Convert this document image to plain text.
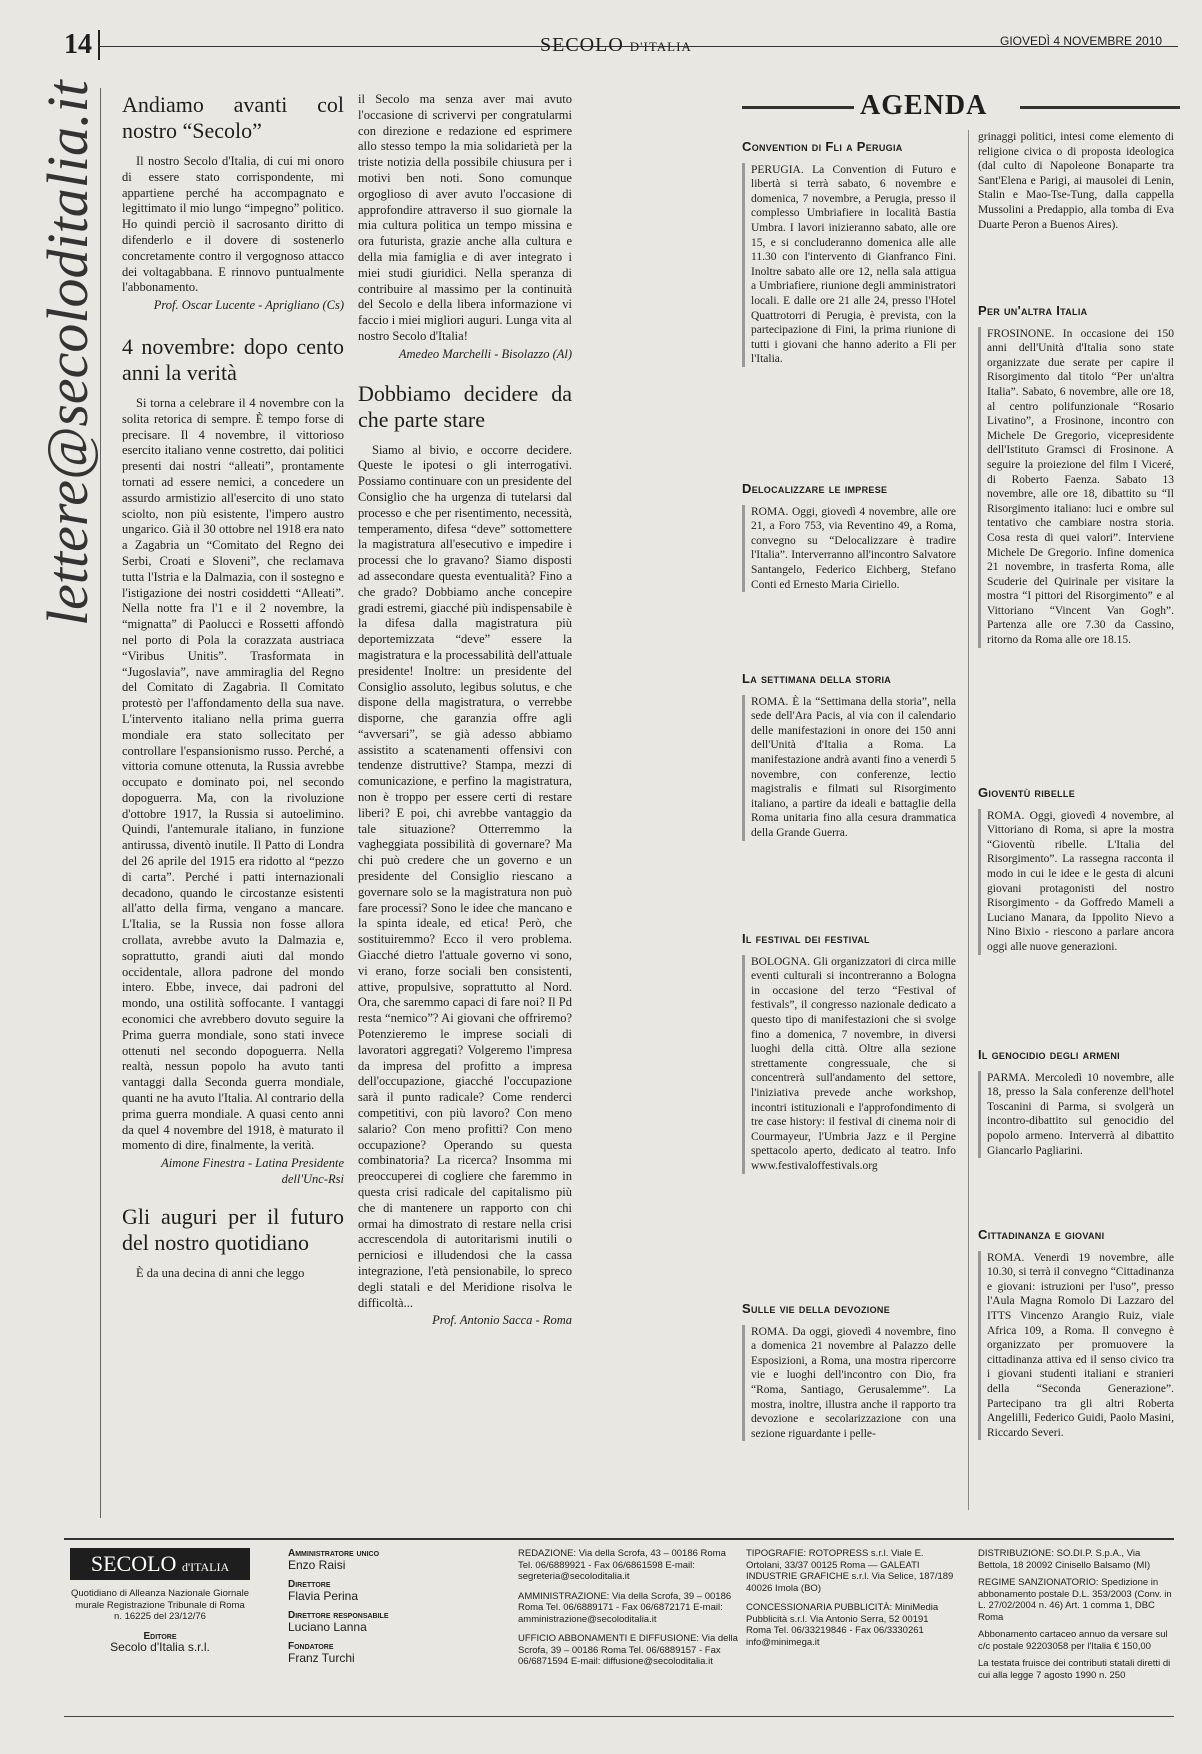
14	SECOLO D'ITALIA	GIOVEDÌ 4 NOVEMBRE 2010
lettere@secoloditalia.it Andiamo avanti col nostro “Secolo”

Il nostro Secolo d'Italia, di cui mi onoro di essere stato corrispondente, mi appartiene perché ha accompagnato e legittimato il mio lungo “impegno” politico. Ho quindi perciò il sacrosanto diritto di difenderlo e il dovere di sostenerlo concretamente contro il vergognoso attacco dei voltagabbana. E rinnovo puntualmente l'abbonamento.

Prof. Oscar Lucente - Aprigliano (Cs)
4 novembre: dopo cento anni la verità

Si torna a celebrare il 4 novembre con la solita retorica di sempre. È tempo forse di precisare. Il 4 novembre, il vittorioso esercito italiano venne costretto, dai politici presenti dai nostri “alleati”, prontamente tornati ad essere nemici, a concedere un assurdo armistizio all'esercito di uno stato sciolto, non più esistente, l'impero austro ungarico. Già il 30 ottobre nel 1918 era nato a Zagabria un “Comitato del Regno dei Serbi, Croati e Sloveni”, che reclamava tutta l'Istria e la Dalmazia, con il sostegno e l'istigazione dei nostri cosiddetti “Alleati”. Nella notte fra l'1 e il 2 novembre, la “mignatta” di Paolucci e Rossetti affondò nel porto di Pola la corazzata austriaca “Viribus Unitis”. Trasformata in “Jugoslavia”, nave ammiraglia del Regno del Comitato di Zagabria. Il Comitato protestò per l'affondamento della sua nave. L'intervento italiano nella prima guerra mondiale era stato sollecitato per controllare l'espansionismo russo. Perché, a vittoria comune ottenuta, la Russia avrebbe occupato e dominato poi, nel secondo dopoguerra. Ma, con la rivoluzione d'ottobre 1917, la Russia si autoelimino. Quindi, l'antemurale italiano, in funzione antirussa, diventò inutile. Il Patto di Londra del 26 aprile del 1915 era ridotto al “pezzo di carta”. Perché i patti internazionali decadono, quando le circostanze esistenti all'atto della firma, vengano a mancare. L'Italia, se la Russia non fosse allora crollata, avrebbe avuto la Dalmazia e, soprattutto, grandi aiuti dal mondo occidentale, allora padrone del mondo intero. Ebbe, invece, dai padroni del mondo, una ostilità soffocante. I vantaggi economici che avrebbero dovuto seguire la Prima guerra mondiale, sono stati invece ottenuti nel secondo dopoguerra. Nella realtà, nessun popolo ha avuto tanti vantaggi dalla Seconda guerra mondiale, quanti ne ha avuto l'Italia. Al contrario della prima guerra mondiale. A quasi cento anni da quel 4 novembre del 1918, è maturato il momento di dire, finalmente, la verità.

Aimone Finestra - Latina Presidente dell'Unc-Rsi
Gli auguri per il futuro del nostro quotidiano

È da una decina di anni che leggo

il Secolo ma senza aver mai avuto l'occasione di scrivervi per congratularmi con direzione e redazione ed esprimere allo stesso tempo la mia solidarietà per la triste notizia della possibile chiusura per i motivi ben noti. Sono comunque orgoglioso di aver avuto l'occasione di approfondire attraverso il suo giornale la mia cultura politica un tempo missina e ora futurista, grazie anche alla cultura e della mia famiglia e di aver integrato i miei studi giuridici. Nella speranza di contribuire al massimo per la continuità del Secolo e della libera informazione vi faccio i miei migliori auguri. Lunga vita al nostro Secolo d'Italia!

Amedeo Marchelli - Bisolazzo (Al)
Dobbiamo decidere da che parte stare

Siamo al bivio, e occorre decidere. Queste le ipotesi o gli interrogativi. Possiamo continuare con un presidente del Consiglio che ha urgenza di tutelarsi dal processo e che per risentimento, necessità, temperamento, difesa “deve” sottomettere la magistratura all'esecutivo e impedire i processi che lo gravano? Siamo disposti ad assecondare questa eventualità? Fino a che grado? Dobbiamo anche concepire gradi estremi, giacché più indispensabile è la difesa dalla magistratura più deportemizzata “deve” essere la magistratura e la processabilità dell'attuale presidente! Inoltre: un presidente del Consiglio assoluto, legibus solutus, e che dispone della magistratura, o verrebbe disporne, che garanzia offre agli “avversari”, se già adesso abbiamo assistito a scatenamenti offensivi con tendenze distruttive? Stampa, mezzi di comunicazione, e perfino la magistratura, non è troppo per essere certi di restare liberi? E poi, chi avrebbe vantaggio da tale situazione? Otterremmo la vagheggiata possibilità di governare? Ma chi può credere che un governo e un presidente del Consiglio riescano a governare solo se la magistratura non può fare processi? Sono le idee che mancano e la spinta ideale, ed etica! Però, che sostituiremmo? Ecco il vero problema. Giacché dietro l'attuale governo vi sono, vi erano, forze sociali ben consistenti, attive, propulsive, soprattutto al Nord. Ora, che saremmo capaci di fare noi? Il Pd resta “nemico”? Ai giovani che offriremo? Potenzieremo le imprese sociali di lavoratori aggregati? Volgeremo l'impresa da impresa del profitto a impresa dell'occupazione, giacché l'occupazione sarà il punto radicale? Come renderci competitivi, con più lavoro? Con meno salario? Con meno profitti? Con meno occupazione? Operando su questa combinatoria? La ricerca? Insomma mi preoccuperei di cogliere che faremmo in questa crisi radicale del capitalismo più che di mantenere un rapporto con chi ormai ha dimostrato di restare nella crisi accrescendola di autoritarismi inutili o perniciosi e illudendosi che la cassa integrazione, l'età pensionabile, lo spreco degli statali e del Meridione risolva le difficoltà...

Prof. Antonio Sacca - Roma
AGENDA
Convention di Fli a Perugia
PERUGIA. La Convention di Futuro e libertà si terrà sabato, 6 novembre e domenica, 7 novembre, a Perugia, presso il complesso Umbriafiere in località Bastia Umbra. I lavori inizieranno sabato, alle ore 15, e si concluderanno domenica alle alle 11.30 con l'intervento di Gianfranco Fini. Inoltre sabato alle ore 12, nella sala attigua a Umbriafiere, riunione degli amministratori locali. E dalle ore 21 alle 24, presso l'Hotel Quattrotorri di Perugia, è prevista, con la partecipazione di Fini, la prima riunione di tutti i giovani che hanno aderito a Fli per l'Italia.
Delocalizzare le imprese
ROMA. Oggi, giovedì 4 novembre, alle ore 21, a Foro 753, via Reventino 49, a Roma, convegno su “Delocalizzare è tradire l'Italia”. Interverranno all'incontro Salvatore Santangelo, Federico Eichberg, Stefano Conti ed Ernesto Maria Ciriello.
La settimana della storia
ROMA. È la “Settimana della storia”, nella sede dell'Ara Pacis, al via con il calendario delle manifestazioni in onore dei 150 anni dell'Unità d'Italia a Roma. La manifestazione andrà avanti fino a venerdì 5 novembre, con conferenze, lectio magistralis e filmati sul Risorgimento italiano, a partire da ideali e battaglie della Roma unitaria fino alla cesura drammatica della Grande Guerra.
Il festival dei festival
BOLOGNA. Gli organizzatori di circa mille eventi culturali si incontreranno a Bologna in occasione del terzo “Festival of festivals”, il congresso nazionale dedicato a questo tipo di manifestazioni che si svolge fino a domenica, 7 novembre, in diversi luoghi della città. Oltre alla sezione strettamente congressuale, che si concentrerà sull'andamento del settore, l'iniziativa prevede anche workshop, incontri istituzionali e l'approfondimento di tre case history: il festival di cinema noir di Courmayeur, l'Umbria Jazz e il Pergine spettacolo aperto, dedicato al teatro. Info www.festivaloffestivals.org
Sulle vie della devozione
ROMA. Da oggi, giovedì 4 novembre, fino a domenica 21 novembre al Palazzo delle Esposizioni, a Roma, una mostra ripercorre vie e luoghi dell'incontro con Dio, fra “Roma, Santiago, Gerusalemme”. La mostra, inoltre, illustra anche il rapporto tra devozione e secolarizzazione con una sezione riguardante i pelle-
grinaggi politici, intesi come elemento di religione civica o di proposta ideologica (dal culto di Napoleone Bonaparte tra Sant'Elena e Parigi, ai mausolei di Lenin, Stalin e Mao-Tse-Tung, dalla cappella Mussolini a Predappio, alla tomba di Eva Duarte Peron a Buenos Aires).
Per un'altra Italia
FROSINONE. In occasione dei 150 anni dell'Unità d'Italia sono state organizzate due serate per capire il Risorgimento dal titolo “Per un'altra Italia”. Sabato, 6 novembre, alle ore 18, al centro polifunzionale “Rosario Livatino”, a Frosinone, incontro con Michele De Gregorio, vicepresidente dell'Istituto Gramsci di Frosinone. A seguire la proiezione del film I Viceré, di Roberto Faenza. Sabato 13 novembre, alle ore 18, dibattito su “Il Risorgimento italiano: luci e ombre sul tentativo che cambiare nostra storia. Cosa resta di quei valori”. Interviene Michele De Gregorio. Infine domenica 21 novembre, in trasferta Roma, alle Scuderie del Quirinale per visitare la mostra “I pittori del Risorgimento” e al Vittoriano “Vincent Van Gogh”. Partenza alle ore 7.30 da Cassino, ritorno da Roma alle ore 18.15.
Gioventù ribelle
ROMA. Oggi, giovedì 4 novembre, al Vittoriano di Roma, si apre la mostra “Gioventù ribelle. L'Italia del Risorgimento”. La rassegna racconta il modo in cui le idee e le gesta di alcuni giovani protagonisti del nostro Risorgimento - da Goffredo Mameli a Luciano Manara, da Ippolito Nievo a Nino Bixio - riescono a parlare ancora oggi alle nuove generazioni.
Il genocidio degli armeni
PARMA. Mercoledì 10 novembre, alle 18, presso la Sala conferenze dell'hotel Toscanini di Parma, si svolgerà un incontro-dibattito sul genocidio del popolo armeno. Interverrà al dibattito Giancarlo Pagliarini.
Cittadinanza e giovani
ROMA. Venerdì 19 novembre, alle 10.30, si terrà il convegno “Cittadinanza e giovani: istruzioni per l'uso”, presso l'Aula Magna Romolo Di Lazzaro del ITTS Vincenzo Arangio Ruiz, viale Africa 109, a Roma. Il convegno è organizzato per promuovere la cittadinanza attiva ed il senso civico tra i giovani studenti italiani e stranieri della “Seconda Generazione”. Partecipano tra gli altri Roberta Angelilli, Federico Guidi, Paolo Masini, Riccardo Severi.
SECOLO d'ITALIA
Quotidiano di Alleanza Nazionale Giornale murale Registrazione Tribunale di Roma n. 16225 del 23/12/76
Editore
Secolo d'Italia s.r.l.
Amministratore unico
Enzo Raisi
Direttore
Flavia Perina
Direttore responsabile
Luciano Lanna
Fondatore
Franz Turchi
REDAZIONE: Via della Scrofa, 43 – 00186 Roma Tel. 06/6889921 - Fax 06/6861598 E-mail: segreteria@secoloditalia.it
AMMINISTRAZIONE: Via della Scrofa, 39 – 00186 Roma Tel. 06/6889171 - Fax 06/6872171 E-mail: amministrazione@secoloditalia.it
UFFICIO ABBONAMENTI E DIFFUSIONE: Via della Scrofa, 39 – 00186 Roma Tel. 06/6889157 - Fax 06/6871594 E-mail: diffusione@secoloditalia.it
TIPOGRAFIE: ROTOPRESS s.r.l. Viale E. Ortolani, 33/37 00125 Roma — GALEATI INDUSTRIE GRAFICHE s.r.l. Via Selice, 187/189 40026 Imola (BO)
CONCESSIONARIA PUBBLICITÀ: MiniMedia Pubblicità s.r.l. Via Antonio Serra, 52 00191 Roma Tel. 06/33219846 - Fax 06/3330261 info@minimega.it
DISTRIBUZIONE: SO.DI.P. S.p.A., Via Bettola, 18 20092 Cinisello Balsamo (MI)
REGIME SANZIONATORIO: Spedizione in abbonamento postale D.L. 353/2003 (Conv. in L. 27/02/2004 n. 46) Art. 1 comma 1, DBC Roma
Abbonamento cartaceo annuo da versare sul c/c postale 92203058 per l'Italia € 150,00
La testata fruisce dei contributi statali diretti di cui alla legge 7 agosto 1990 n. 250
